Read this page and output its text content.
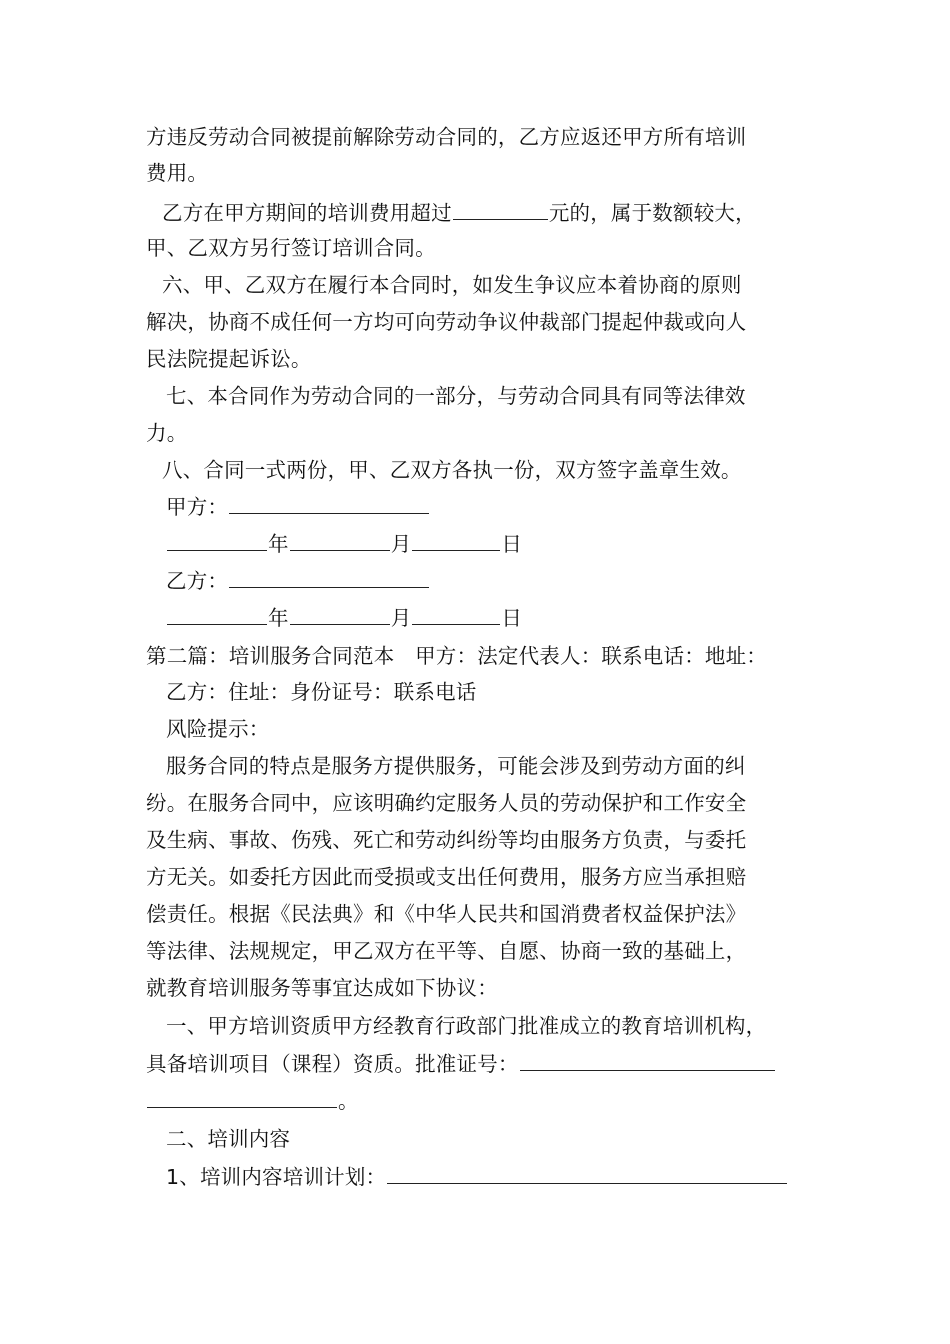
方违反劳动合同被提前解除劳动合同的，乙方应返还甲方所有培训
费用。
乙方在甲方期间的培训费用超过	元的，属于数额较大，
甲、乙双方另行签订培训合同。
六、甲、乙双方在履行本合同时，如发生争议应本着协商的原则
解决，协商不成任何一方均可向劳动争议仲裁部门提起仲裁或向人
民法院提起诉讼。
七、本合同作为劳动合同的一部分，与劳动合同具有同等法律效
力。
八、合同一式两份，甲、乙双方各执一份，双方签字盖章生效。
甲方：
年	月	日
乙方：
年	月	日
第二篇：培训服务合同范本　甲方：法定代表人：联系电话：地址：
乙方：住址：身份证号：联系电话
风险提示：
服务合同的特点是服务方提供服务，可能会涉及到劳动方面的纠
纷。在服务合同中，应该明确约定服务人员的劳动保护和工作安全
及生病、事故、伤残、死亡和劳动纠纷等均由服务方负责，与委托
方无关。如委托方因此而受损或支出任何费用，服务方应当承担赔
偿责任。根据《民法典》和《中华人民共和国消费者权益保护法》
等法律、法规规定，甲乙双方在平等、自愿、协商一致的基础上，
就教育培训服务等事宜达成如下协议：
一、甲方培训资质甲方经教育行政部门批准成立的教育培训机构，
具备培训项目（课程）资质。批准证号：
。
二、培训内容
1、培训内容培训计划：
